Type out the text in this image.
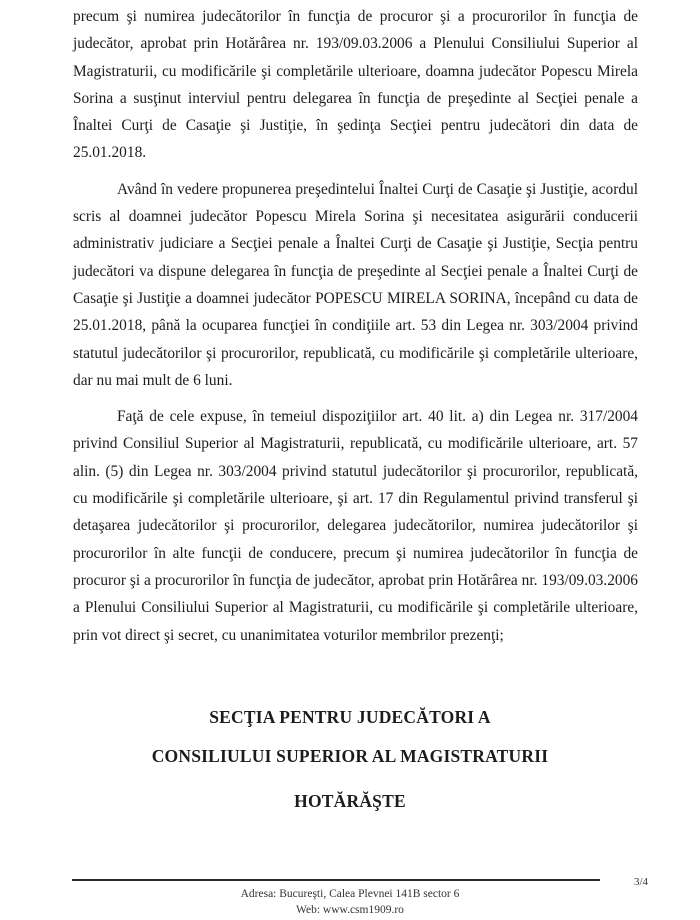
precum şi numirea judecătorilor în funcţia de procuror şi a procurorilor în funcţia de judecător, aprobat prin Hotărârea nr. 193/09.03.2006 a Plenului Consiliului Superior al Magistraturii, cu modificările şi completările ulterioare, doamna judecător Popescu Mirela Sorina a susţinut interviul pentru delegarea în funcţia de preşedinte al Secţiei penale a Înaltei Curţi de Casaţie şi Justiţie, în şedinţa Secţiei pentru judecători din data de 25.01.2018.

Având în vedere propunerea preşedintelui Înaltei Curţi de Casaţie şi Justiţie, acordul scris al doamnei judecător Popescu Mirela Sorina şi necesitatea asigurării conducerii administrativ judiciare a Secţiei penale a Înaltei Curţi de Casaţie şi Justiţie, Secţia pentru judecători va dispune delegarea în funcţia de preşedinte al Secţiei penale a Înaltei Curţi de Casaţie şi Justiţie a doamnei judecător POPESCU MIRELA SORINA, începând cu data de 25.01.2018, până la ocuparea funcţiei în condiţiile art. 53 din Legea nr. 303/2004 privind statutul judecătorilor şi procurorilor, republicată, cu modificările şi completările ulterioare, dar nu mai mult de 6 luni.

Faţă de cele expuse, în temeiul dispoziţiilor art. 40 lit. a) din Legea nr. 317/2004 privind Consiliul Superior al Magistraturii, republicată, cu modificările ulterioare, art. 57 alin. (5) din Legea nr. 303/2004 privind statutul judecătorilor şi procurorilor, republicată, cu modificările şi completările ulterioare, şi art. 17 din Regulamentul privind transferul şi detaşarea judecătorilor şi procurorilor, delegarea judecătorilor, numirea judecătorilor şi procurorilor în alte funcţii de conducere, precum şi numirea judecătorilor în funcţia de procuror şi a procurorilor în funcţia de judecător, aprobat prin Hotărârea nr. 193/09.03.2006 a Plenului Consiliului Superior al Magistraturii, cu modificările şi completările ulterioare, prin vot direct şi secret, cu unanimitatea voturilor membrilor prezenţi;

SECŢIA PENTRU JUDECĂTORI A
CONSILIULUI SUPERIOR AL MAGISTRATURII
HOTĂRĂŞTE
3/4
Adresa: Bucureşti, Calea Plevnei 141B sector 6
Web: www.csm1909.ro
